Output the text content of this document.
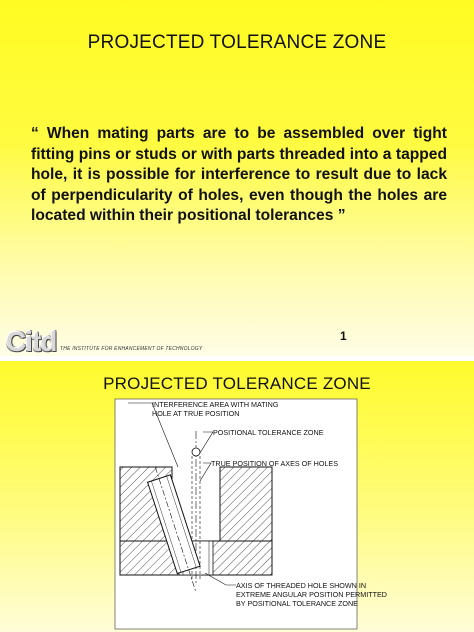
PROJECTED TOLERANCE ZONE
“ When mating parts are to be assembled over tight fitting pins or studs or with parts threaded into a tapped hole, it is possible for interference to result due to lack of perpendicularity of holes, even though the holes are located within their positional tolerances ”
1
Citd THE INSTITUTE FOR ENHANCEMENT OF TECHNOLOGY
PROJECTED TOLERANCE ZONE
INTERFERENCE AREA WITH MATING
HOLE AT TRUE POSITION
POSITIONAL TOLERANCE ZONE
TRUE POSITION OF AXES OF HOLES
AXIS OF THREADED HOLE SHOWN IN
EXTREME ANGULAR POSITION PERMITTED
BY POSITIONAL TOLERANCE ZONE
